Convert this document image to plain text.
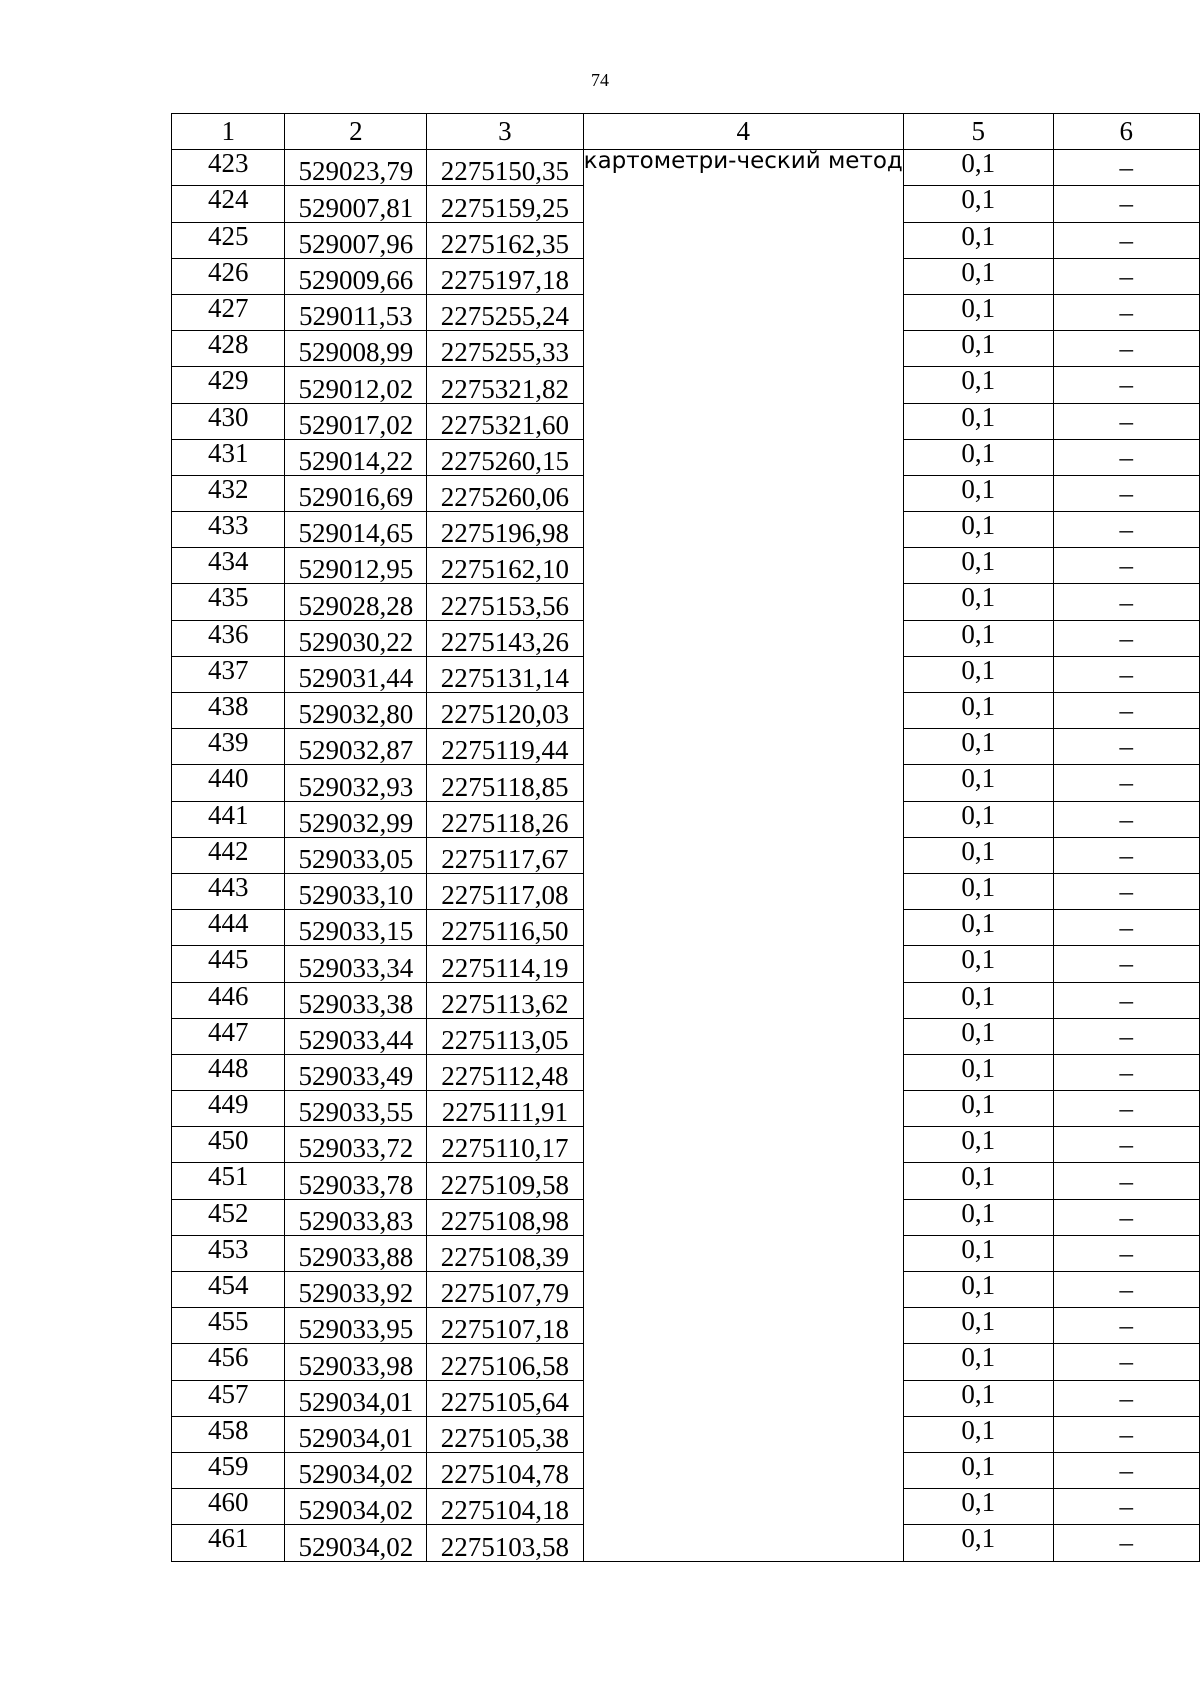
74
1	2	3	4	5	6
423	529023,79	2275150,35	картометри-ческий метод	0,1	–
424	529007,81	2275159,25		0,1	–
425	529007,96	2275162,35		0,1	–
426	529009,66	2275197,18		0,1	–
427	529011,53	2275255,24		0,1	–
428	529008,99	2275255,33		0,1	–
429	529012,02	2275321,82		0,1	–
430	529017,02	2275321,60		0,1	–
431	529014,22	2275260,15		0,1	–
432	529016,69	2275260,06		0,1	–
433	529014,65	2275196,98		0,1	–
434	529012,95	2275162,10		0,1	–
435	529028,28	2275153,56		0,1	–
436	529030,22	2275143,26		0,1	–
437	529031,44	2275131,14		0,1	–
438	529032,80	2275120,03		0,1	–
439	529032,87	2275119,44		0,1	–
440	529032,93	2275118,85		0,1	–
441	529032,99	2275118,26		0,1	–
442	529033,05	2275117,67		0,1	–
443	529033,10	2275117,08		0,1	–
444	529033,15	2275116,50		0,1	–
445	529033,34	2275114,19		0,1	–
446	529033,38	2275113,62		0,1	–
447	529033,44	2275113,05		0,1	–
448	529033,49	2275112,48		0,1	–
449	529033,55	2275111,91		0,1	–
450	529033,72	2275110,17		0,1	–
451	529033,78	2275109,58		0,1	–
452	529033,83	2275108,98		0,1	–
453	529033,88	2275108,39		0,1	–
454	529033,92	2275107,79		0,1	–
455	529033,95	2275107,18		0,1	–
456	529033,98	2275106,58		0,1	–
457	529034,01	2275105,64		0,1	–
458	529034,01	2275105,38		0,1	–
459	529034,02	2275104,78		0,1	–
460	529034,02	2275104,18		0,1	–
461	529034,02	2275103,58		0,1	–
